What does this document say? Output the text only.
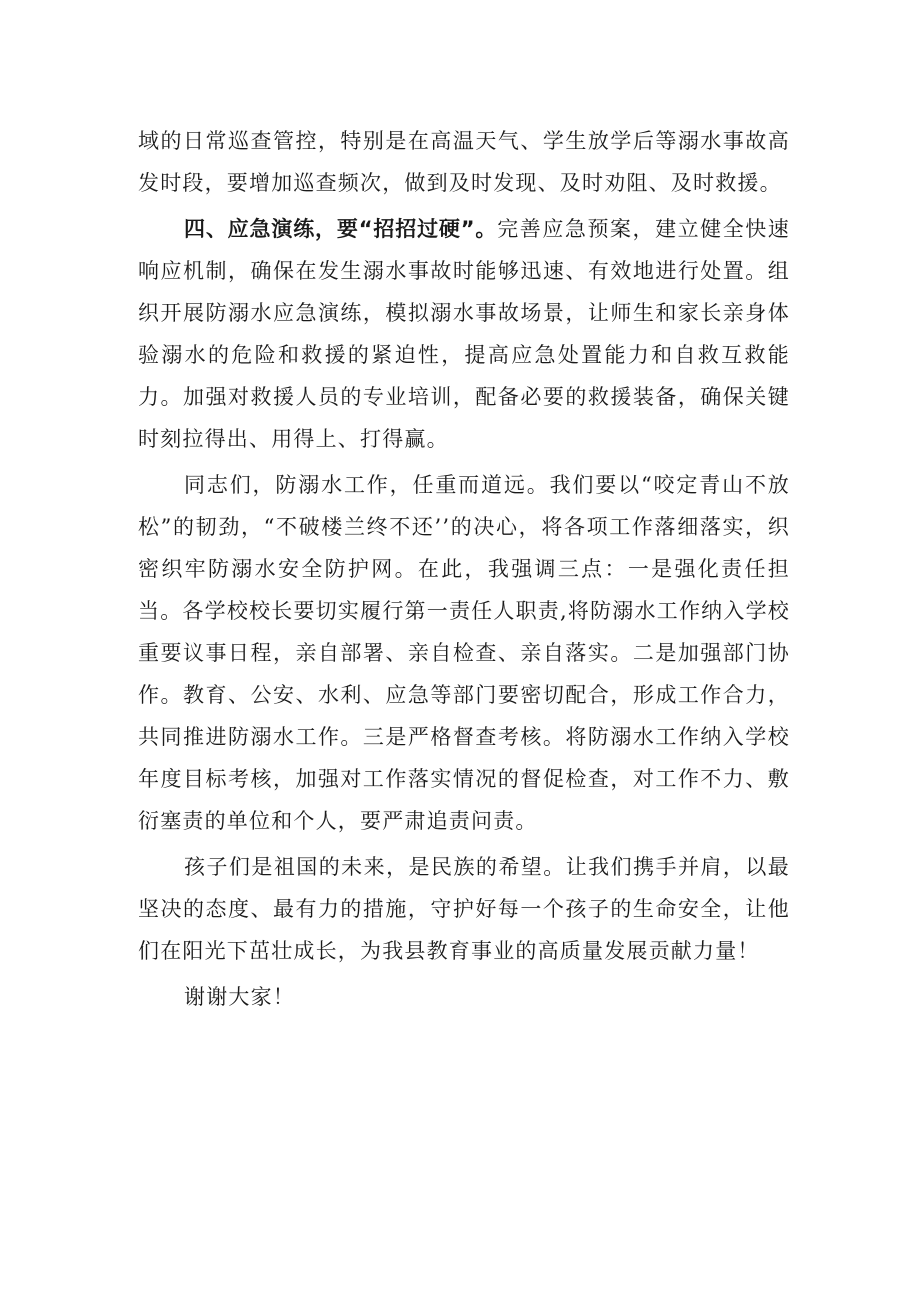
域的日常巡查管控，特别是在高温天气、学生放学后等溺水事故高发时段，要增加巡查频次，做到及时发现、及时劝阻、及时救援。

四、应急演练，要“招招过硬”。完善应急预案，建立健全快速响应机制，确保在发生溺水事故时能够迅速、有效地进行处置。组织开展防溺水应急演练，模拟溺水事故场景，让师生和家长亲身体验溺水的危险和救援的紧迫性，提高应急处置能力和自救互救能力。加强对救援人员的专业培训，配备必要的救援装备，确保关键时刻拉得出、用得上、打得赢。

同志们，防溺水工作，任重而道远。我们要以“咬定青山不放松”的韧劲，“不破楼兰终不还’’的决心，将各项工作落细落实，织密织牢防溺水安全防护网。在此，我强调三点：一是强化责任担当。各学校校长要切实履行第一责任人职责,将防溺水工作纳入学校重要议事日程，亲自部署、亲自检查、亲自落实。二是加强部门协作。教育、公安、水利、应急等部门要密切配合，形成工作合力，共同推进防溺水工作。三是严格督查考核。将防溺水工作纳入学校年度目标考核，加强对工作落实情况的督促检查，对工作不力、敷衍塞责的单位和个人，要严肃追责问责。

孩子们是祖国的未来，是民族的希望。让我们携手并肩，以最坚决的态度、最有力的措施，守护好每一个孩子的生命安全，让他们在阳光下茁壮成长，为我县教育事业的高质量发展贡献力量！

谢谢大家！
